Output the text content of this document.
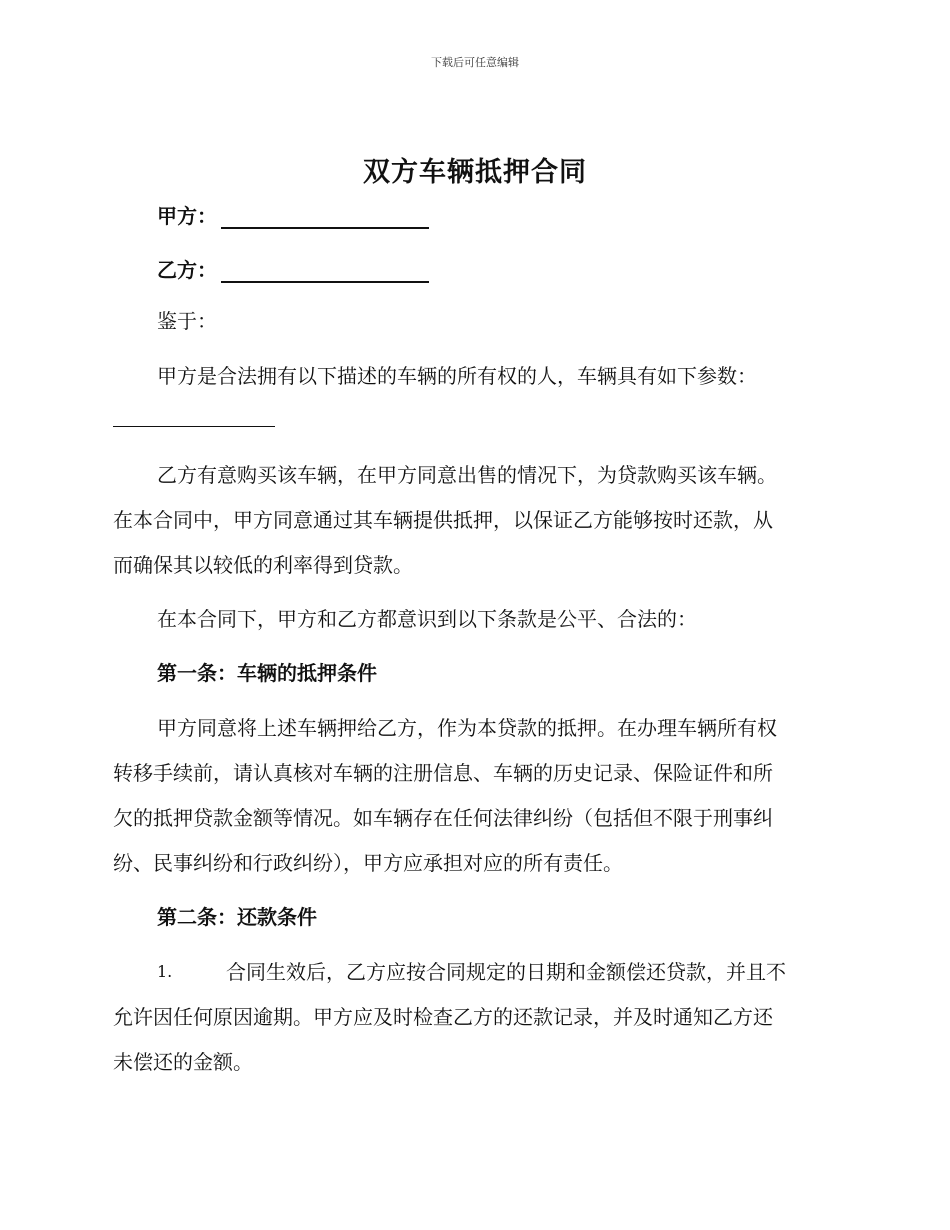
下载后可任意编辑
双方车辆抵押合同
甲方：
乙方：
鉴于：
甲方是合法拥有以下描述的车辆的所有权的人，车辆具有如下参数：
乙方有意购买该车辆，在甲方同意出售的情况下，为贷款购买该车辆。
在本合同中，甲方同意通过其车辆提供抵押，以保证乙方能够按时还款，从
而确保其以较低的利率得到贷款。
在本合同下，甲方和乙方都意识到以下条款是公平、合法的：
第一条：车辆的抵押条件
甲方同意将上述车辆押给乙方，作为本贷款的抵押。在办理车辆所有权
转移手续前，请认真核对车辆的注册信息、车辆的历史记录、保险证件和所
欠的抵押贷款金额等情况。如车辆存在任何法律纠纷（包括但不限于刑事纠
纷、民事纠纷和行政纠纷），甲方应承担对应的所有责任。
第二条：还款条件
1.	合同生效后，乙方应按合同规定的日期和金额偿还贷款，并且不
允许因任何原因逾期。甲方应及时检查乙方的还款记录，并及时通知乙方还
未偿还的金额。
